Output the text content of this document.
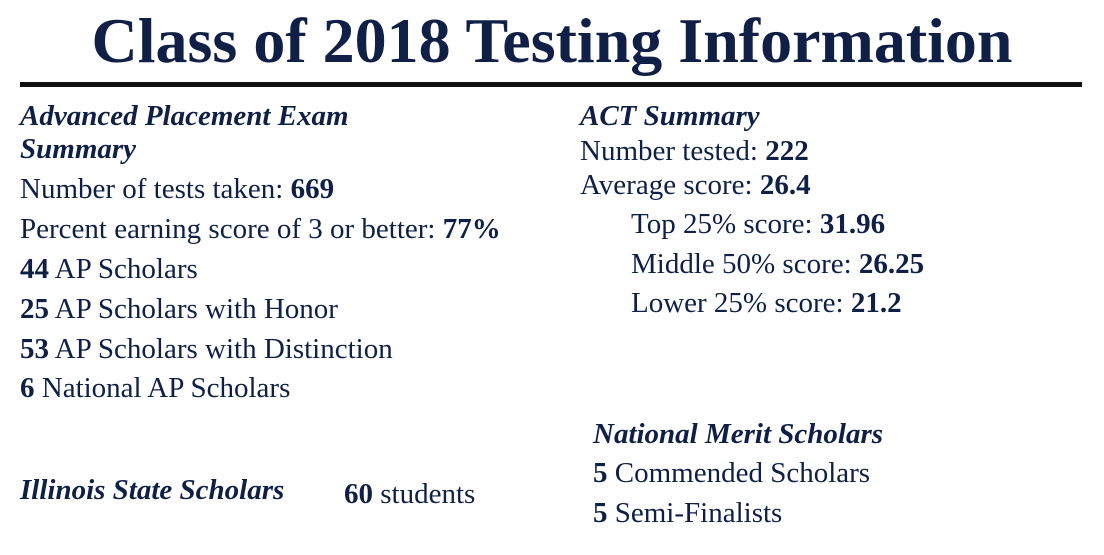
Class of 2018 Testing Information
Advanced Placement Exam
Summary
Number of tests taken: 669
Percent earning score of 3 or better: 77%
44 AP Scholars
25 AP Scholars with Honor
53 AP Scholars with Distinction
6 National AP Scholars
ACT Summary
Number tested: 222
Average score: 26.4
Top 25% score: 31.96
Middle 50% score: 26.25
Lower 25% score: 21.2
Illinois State Scholars 60 students
National Merit Scholars
5 Commended Scholars
5 Semi-Finalists
